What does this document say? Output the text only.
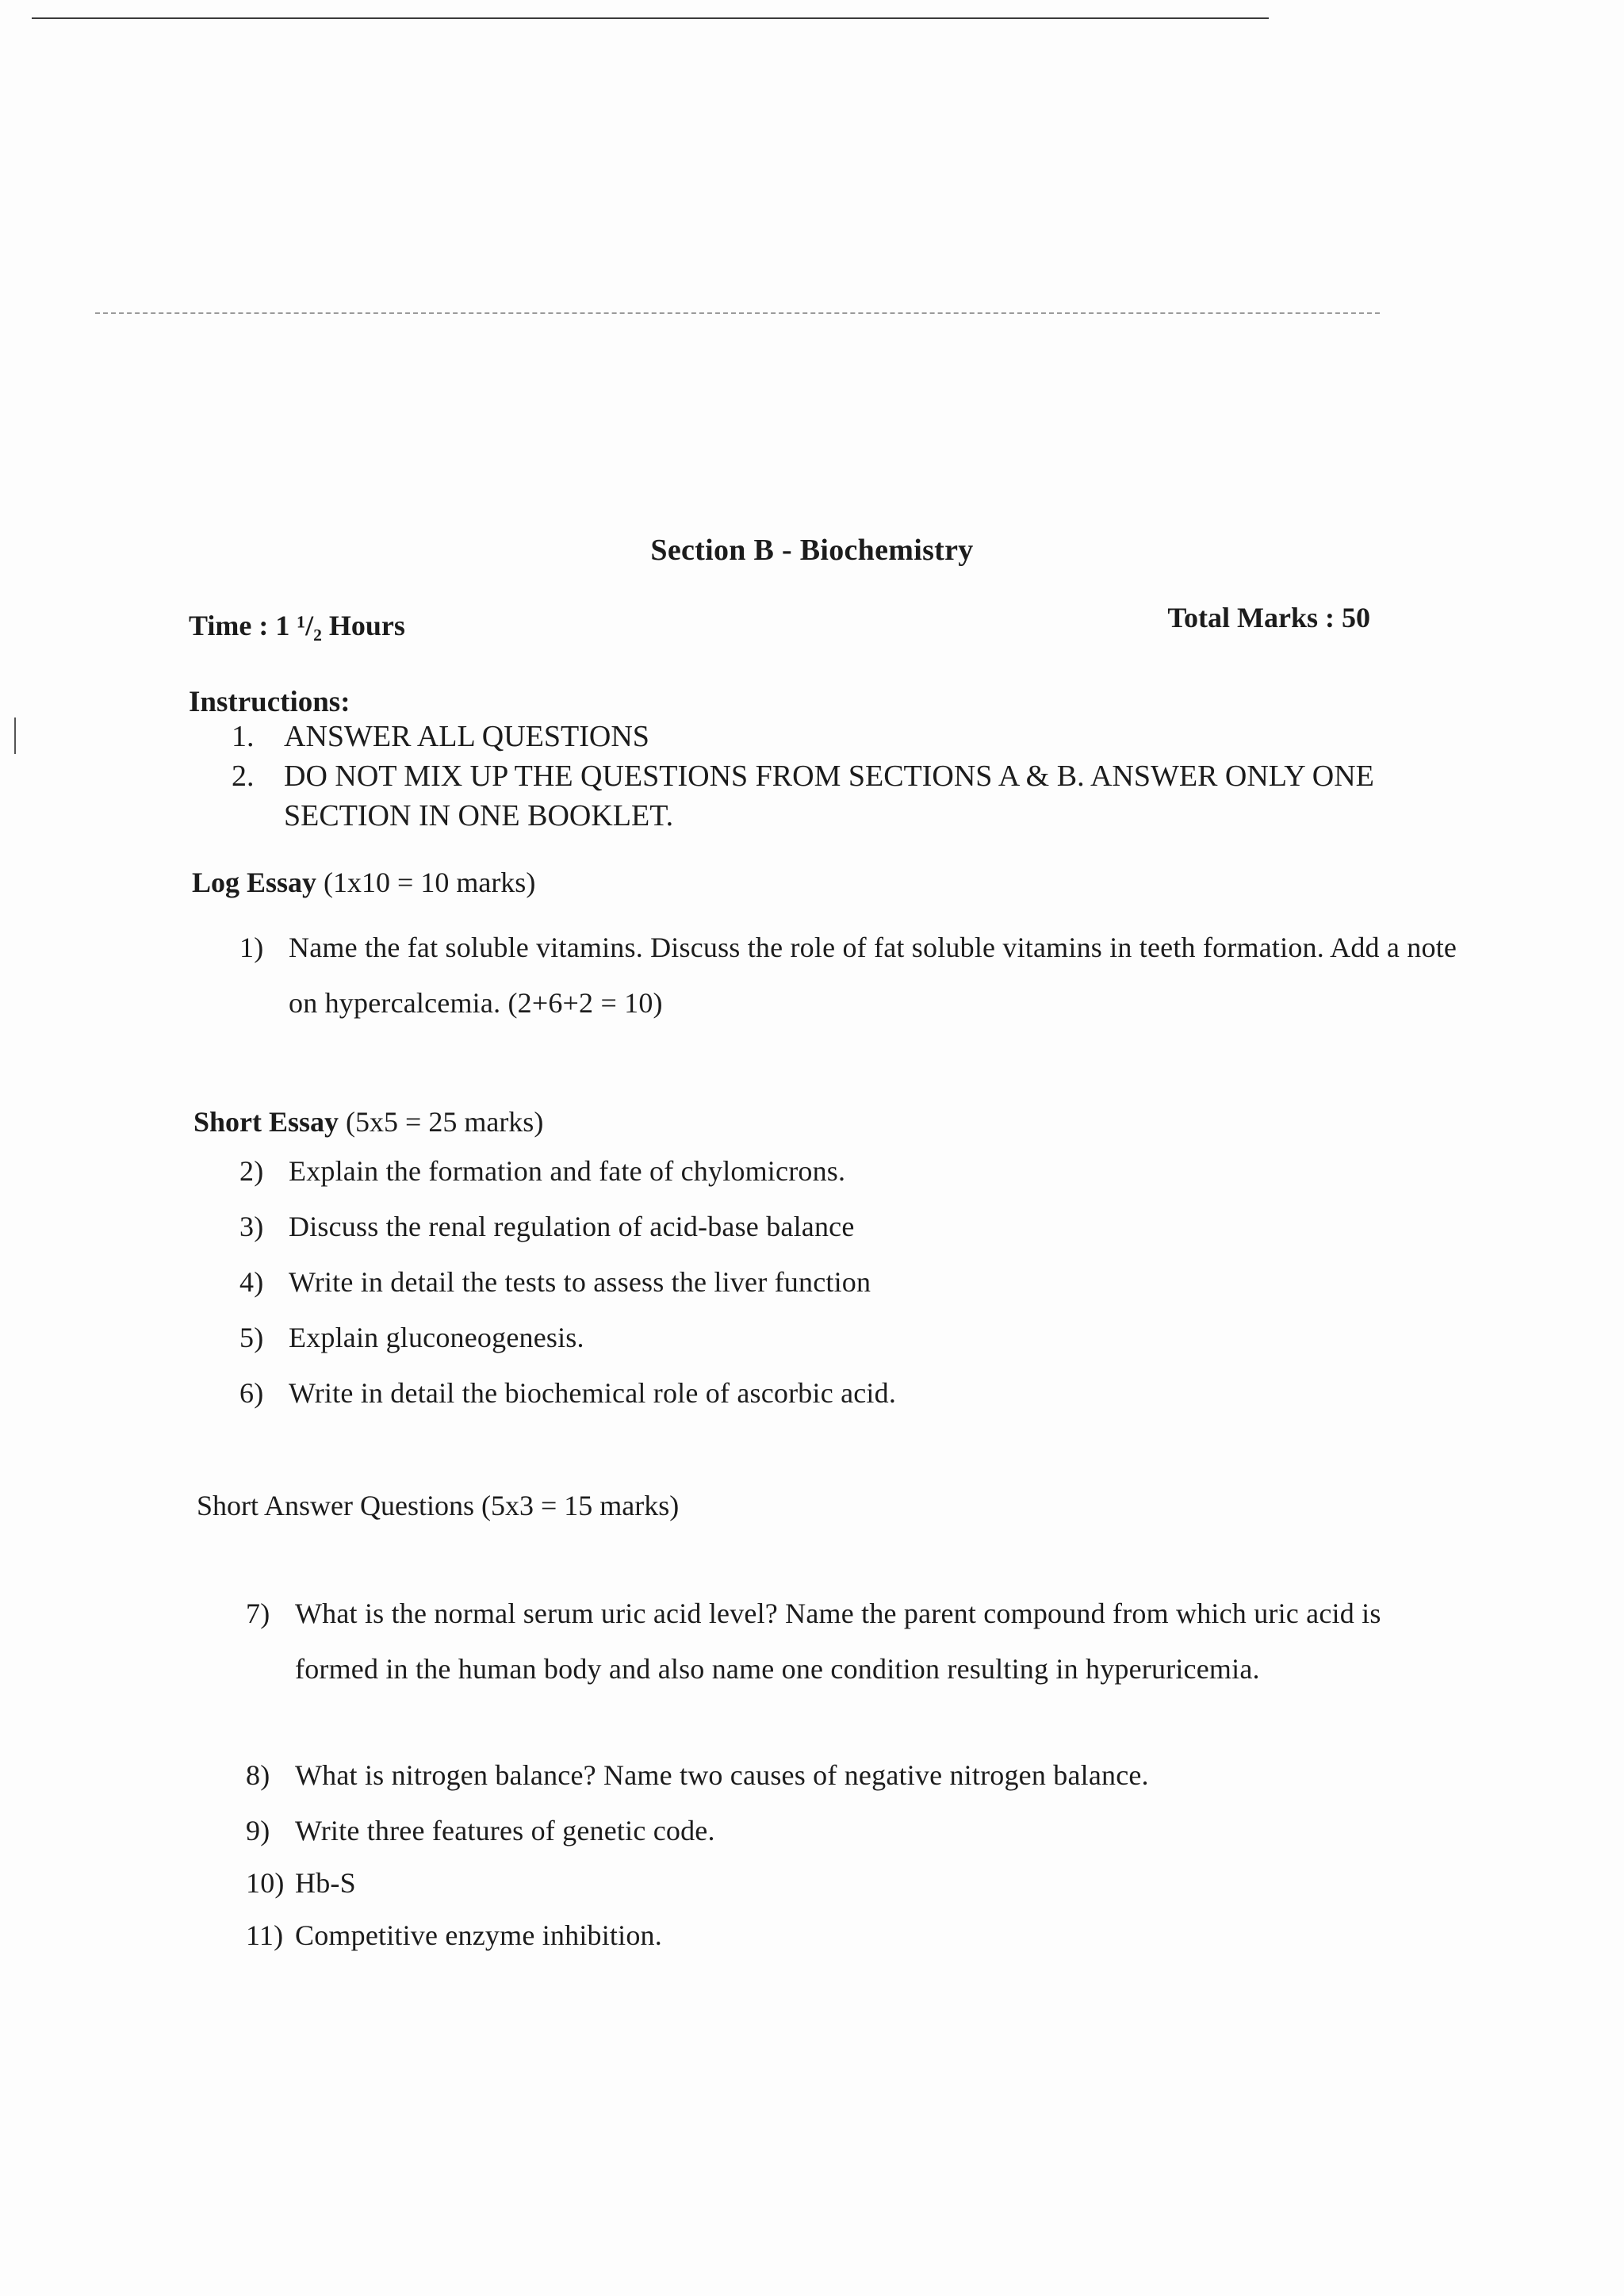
Section B - Biochemistry
Time : 1 ¹/₂ Hours	Total Marks : 50
Instructions:
1. ANSWER ALL QUESTIONS
2. DO NOT MIX UP THE QUESTIONS FROM SECTIONS A & B. ANSWER ONLY ONE SECTION IN ONE BOOKLET.
Log Essay (1x10 = 10 marks)
1) Name the fat soluble vitamins. Discuss the role of fat soluble vitamins in teeth formation. Add a note on hypercalcemia. (2+6+2 = 10)
Short Essay (5x5 = 25 marks)
2) Explain the formation and fate of chylomicrons.
3) Discuss the renal regulation of acid-base balance
4) Write in detail the tests to assess the liver function
5) Explain gluconeogenesis.
6) Write in detail the biochemical role of ascorbic acid.
Short Answer Questions (5x3 = 15 marks)
7) What is the normal serum uric acid level? Name the parent compound from which uric acid is formed in the human body and also name one condition resulting in hyperuricemia.
8) What is nitrogen balance? Name two causes of negative nitrogen balance.
9) Write three features of genetic code.
10) Hb-S
11) Competitive enzyme inhibition.
